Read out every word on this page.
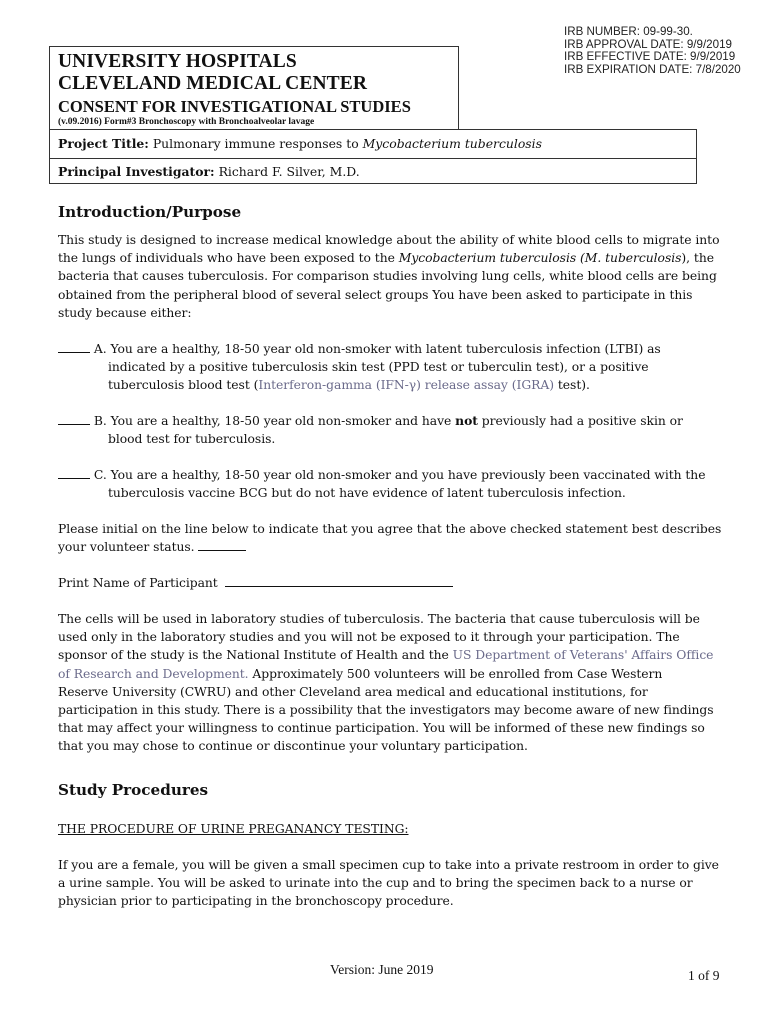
IRB NUMBER: 09-99-30.
IRB APPROVAL DATE: 9/9/2019
IRB EFFECTIVE DATE: 9/9/2019
IRB EXPIRATION DATE: 7/8/2020
UNIVERSITY HOSPITALS
CLEVELAND MEDICAL CENTER
CONSENT FOR INVESTIGATIONAL STUDIES
(v.09.2016) Form#3 Bronchoscopy with Bronchoalveolar lavage
Project Title: Pulmonary immune responses to Mycobacterium tuberculosis
Principal Investigator: Richard F. Silver, M.D.
Introduction/Purpose
This study is designed to increase medical knowledge about the ability of white blood cells to migrate into
the lungs of individuals who have been exposed to the Mycobacterium tuberculosis (M. tuberculosis), the
bacteria that causes tuberculosis. For comparison studies involving lung cells, white blood cells are being
obtained from the peripheral blood of several select groups You have been asked to participate in this
study because either:
A. You are a healthy, 18-50 year old non-smoker with latent tuberculosis infection (LTBI) as
indicated by a positive tuberculosis skin test (PPD test or tuberculin test), or a positive
tuberculosis blood test (Interferon-gamma (IFN-γ) release assay (IGRA) test).
B. You are a healthy, 18-50 year old non-smoker and have not previously had a positive skin or
blood test for tuberculosis.
C. You are a healthy, 18-50 year old non-smoker and you have previously been vaccinated with the
tuberculosis vaccine BCG but do not have evidence of latent tuberculosis infection.
Please initial on the line below to indicate that you agree that the above checked statement best describes
your volunteer status.
Print Name of Participant
The cells will be used in laboratory studies of tuberculosis. The bacteria that cause tuberculosis will be
used only in the laboratory studies and you will not be exposed to it through your participation. The
sponsor of the study is the National Institute of Health and the US Department of Veterans' Affairs Office
of Research and Development. Approximately 500 volunteers will be enrolled from Case Western
Reserve University (CWRU) and other Cleveland area medical and educational institutions, for
participation in this study. There is a possibility that the investigators may become aware of new findings
that may affect your willingness to continue participation. You will be informed of these new findings so
that you may chose to continue or discontinue your voluntary participation.
Study Procedures
THE PROCEDURE OF URINE PREGANANCY TESTING:
If you are a female, you will be given a small specimen cup to take into a private restroom in order to give
a urine sample. You will be asked to urinate into the cup and to bring the specimen back to a nurse or
physician prior to participating in the bronchoscopy procedure.
Version: June 2019	1 of 9
